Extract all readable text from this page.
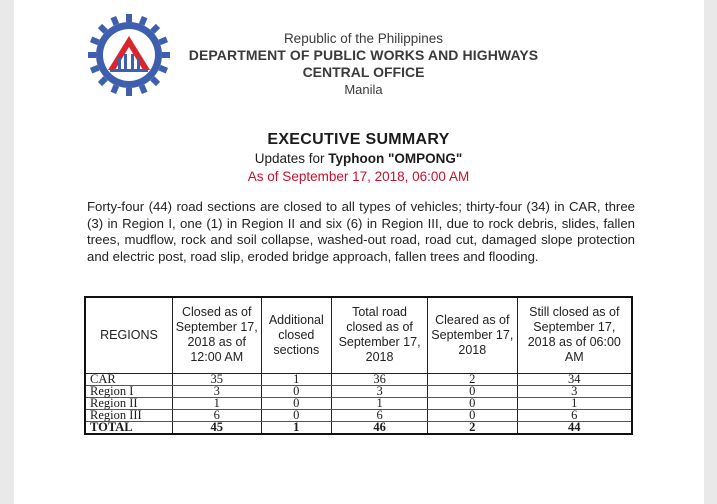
Republic of the Philippines
DEPARTMENT OF PUBLIC WORKS AND HIGHWAYS
CENTRAL OFFICE
Manila
EXECUTIVE SUMMARY
Updates for Typhoon "OMPONG"
As of September 17, 2018, 06:00 AM
Forty-four (44) road sections are closed to all types of vehicles; thirty-four (34) in CAR, three (3) in Region I, one (1) in Region II and six (6) in Region III, due to rock debris, slides, fallen trees, mudflow, rock and soil collapse, washed-out road, road cut, damaged slope protection and electric post, road slip, eroded bridge approach, fallen trees and flooding.
REGIONS	Closed as of September 17, 2018 as of 12:00 AM	Additional closed sections	Total road closed as of September 17, 2018	Cleared as of September 17, 2018	Still closed as of September 17, 2018 as of 06:00 AM
CAR	35	1	36	2	34
Region I	3	0	3	0	3
Region II	1	0	1	0	1
Region III	6	0	6	0	6
TOTAL	45	1	46	2	44
